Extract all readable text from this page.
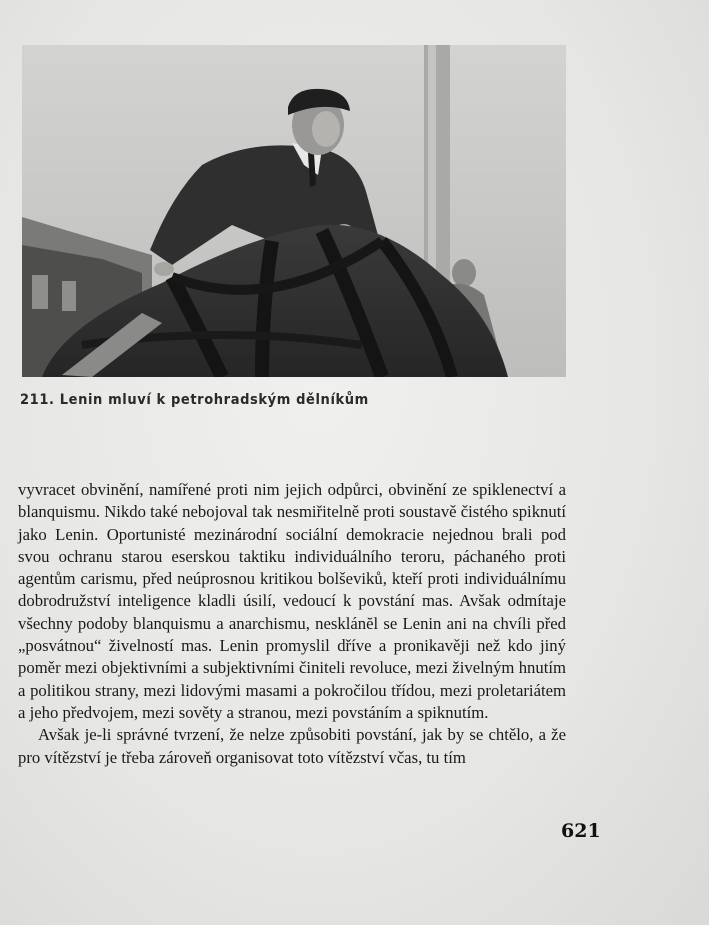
211. Lenin mluví k petrohradským dělníkům

vyvracet obvinění, namířené proti nim jejich odpůrci, obvinění ze spiklenectví a blanquismu. Nikdo také nebojoval tak nesmiřitelně proti soustavě čistého spiknutí jako Lenin. Oportunisté mezinárodní sociální demokracie nejednou brali pod svou ochranu starou eserskou taktiku individuálního teroru, páchaného proti agentům carismu, před neúprosnou kritikou bolševiků, kteří proti individuálnímu dobrodružství inteligence kladli úsilí, vedoucí k povstání mas. Avšak odmítaje všechny podoby blanquismu a anarchismu, nesklánĕl se Lenin ani na chvíli před „posvátnou“ živelností mas. Lenin promyslil dříve a pronikavěji než kdo jiný poměr mezi objektivními a subjektivními činiteli revoluce, mezi živelným hnutím a politikou strany, mezi lidovými masami a pokročilou třídou, mezi proletariátem a jeho předvojem, mezi sověty a stranou, mezi povstáním a spiknutím.

Avšak je-li správné tvrzení, že nelze způsobiti povstání, jak by se chtělo, a že pro vítězství je třeba zároveň organisovat toto vítězství včas, tu tím

621
